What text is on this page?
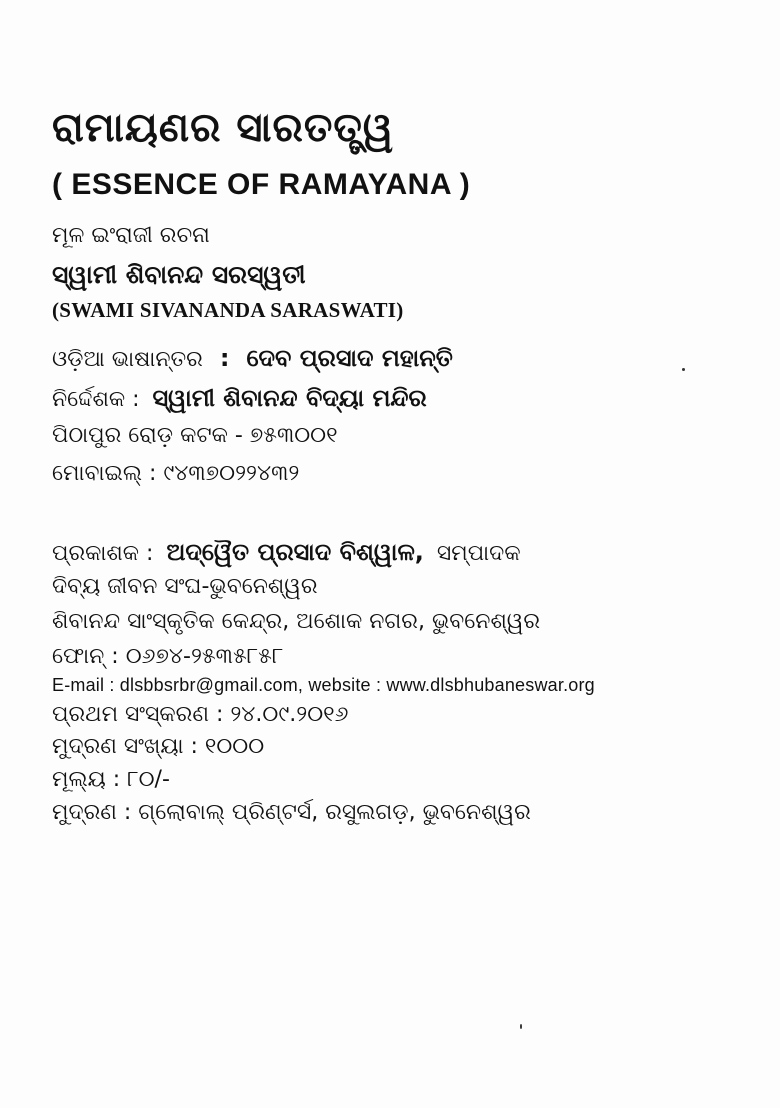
ରାମାୟଣର ସାରତତ୍ତ୍ୱ
( ESSENCE OF RAMAYANA )
ମୂଳ ଇଂରାଜୀ ରଚନା
ସ୍ୱାମୀ ଶିବାନନ୍ଦ ସରସ୍ୱତୀ
(SWAMI SIVANANDA SARASWATI)
ଓଡ଼ିଆ ଭାଷାନ୍ତର : ଦେବ ପ୍ରସାଦ ମହାନ୍ତି
ନିର୍ଦ୍ଦେଶକ : ସ୍ୱାମୀ ଶିବାନନ୍ଦ ବିଦ୍ୟା ମନ୍ଦିର
ପିଠାପୁର ରୋଡ଼ କଟକ - ୭୫୩୦୦୧
ମୋବାଇଲ୍ : ୯୪୩୭୦୨୨୪୩୨
ପ୍ରକାଶକ : ଅଦ୍ୱୈତ ପ୍ରସାଦ ବିଶ୍ୱାଳ, ସମ୍ପାଦକ
ଦିବ୍ୟ ଜୀବନ ସଂଘ-ଭୁବନେଶ୍ୱର
ଶିବାନନ୍ଦ ସାଂସ୍କୃତିକ କେନ୍ଦ୍ର, ଅଶୋକ ନଗର, ଭୁବନେଶ୍ୱର
ଫୋନ୍ : ୦୬୭୪-୨୫୩୫୮୫୮
E-mail : dlsbbsrbr@gmail.com, website : www.dlsbhubaneswar.org
ପ୍ରଥମ ସଂସ୍କରଣ : ୨୪.୦୯.୨୦୧୬
ମୁଦ୍ରଣ ସଂଖ୍ୟା : ୧୦୦୦
ମୂଲ୍ୟ : ୮୦/-
ମୁଦ୍ରଣ : ଗ୍ଲୋବାଲ୍ ପ୍ରିଣ୍ଟର୍ସ, ରସୁଲଗଡ଼, ଭୁବନେଶ୍ୱର
